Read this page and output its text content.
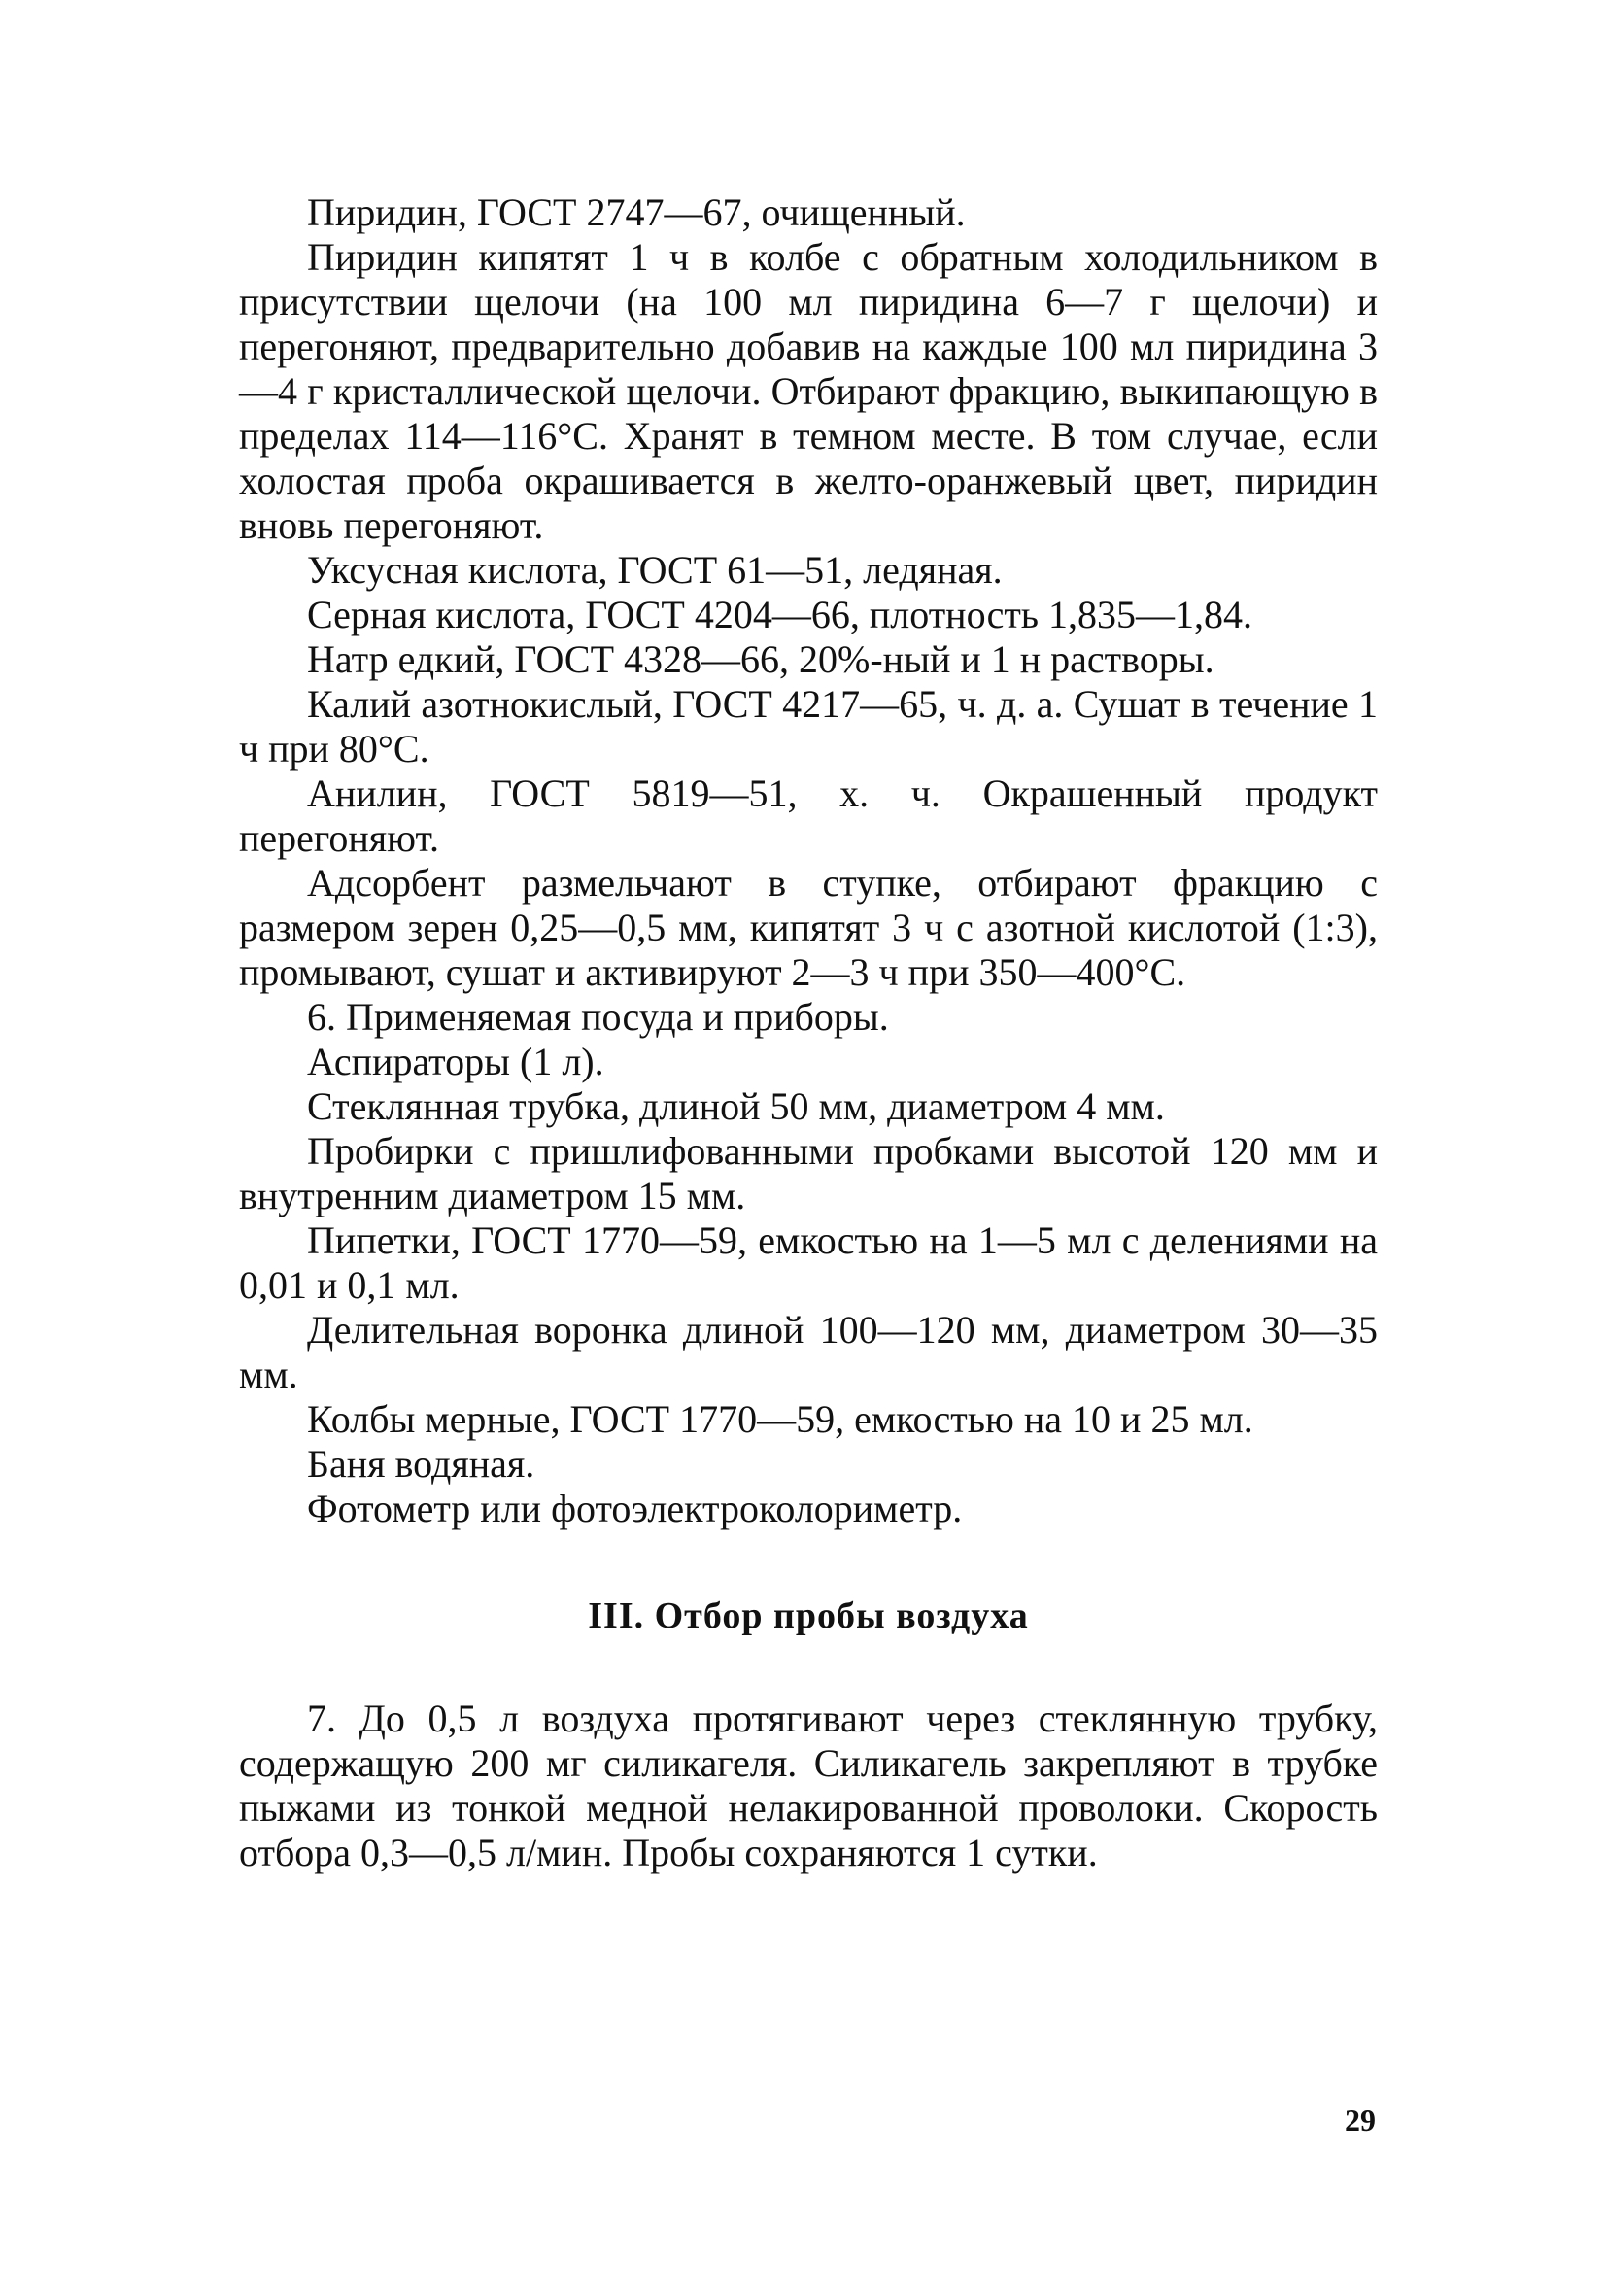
Пиридин, ГОСТ 2747—67, очищенный.

Пиридин кипятят 1 ч в колбе с обратным холодильником в присутствии щелочи (на 100 мл пиридина 6—7 г щелочи) и перегоняют, предварительно добавив на каждые 100 мл пиридина 3—4 г кристаллической щелочи. Отбирают фракцию, выкипающую в пределах 114—116°С. Хранят в темном месте. В том случае, если холостая проба окрашивается в желто-оранжевый цвет, пиридин вновь перегоняют.

Уксусная кислота, ГОСТ 61—51, ледяная.

Серная кислота, ГОСТ 4204—66, плотность 1,835—1,84.

Натр едкий, ГОСТ 4328—66, 20%-ный и 1 н растворы.

Калий азотнокислый, ГОСТ 4217—65, ч. д. а. Сушат в течение 1 ч при 80°С.

Анилин, ГОСТ 5819—51, х. ч. Окрашенный продукт перегоняют.

Адсорбент размельчают в ступке, отбирают фракцию с размером зерен 0,25—0,5 мм, кипятят 3 ч с азотной кислотой (1:3), промывают, сушат и активируют 2—3 ч при 350—400°С.

6. Применяемая посуда и приборы.

Аспираторы (1 л).

Стеклянная трубка, длиной 50 мм, диаметром 4 мм.

Пробирки с пришлифованными пробками высотой 120 мм и внутренним диаметром 15 мм.

Пипетки, ГОСТ 1770—59, емкостью на 1—5 мл с делениями на 0,01 и 0,1 мл.

Делительная воронка длиной 100—120 мм, диаметром 30—35 мм.

Колбы мерные, ГОСТ 1770—59, емкостью на 10 и 25 мл.

Баня водяная.

Фотометр или фотоэлектроколориметр.

III. Отбор пробы воздуха

7. До 0,5 л воздуха протягивают через стеклянную трубку, содержащую 200 мг силикагеля. Силикагель закрепляют в трубке пыжами из тонкой медной нелакированной проволоки. Скорость отбора 0,3—0,5 л/мин. Пробы сохраняются 1 сутки.

29
